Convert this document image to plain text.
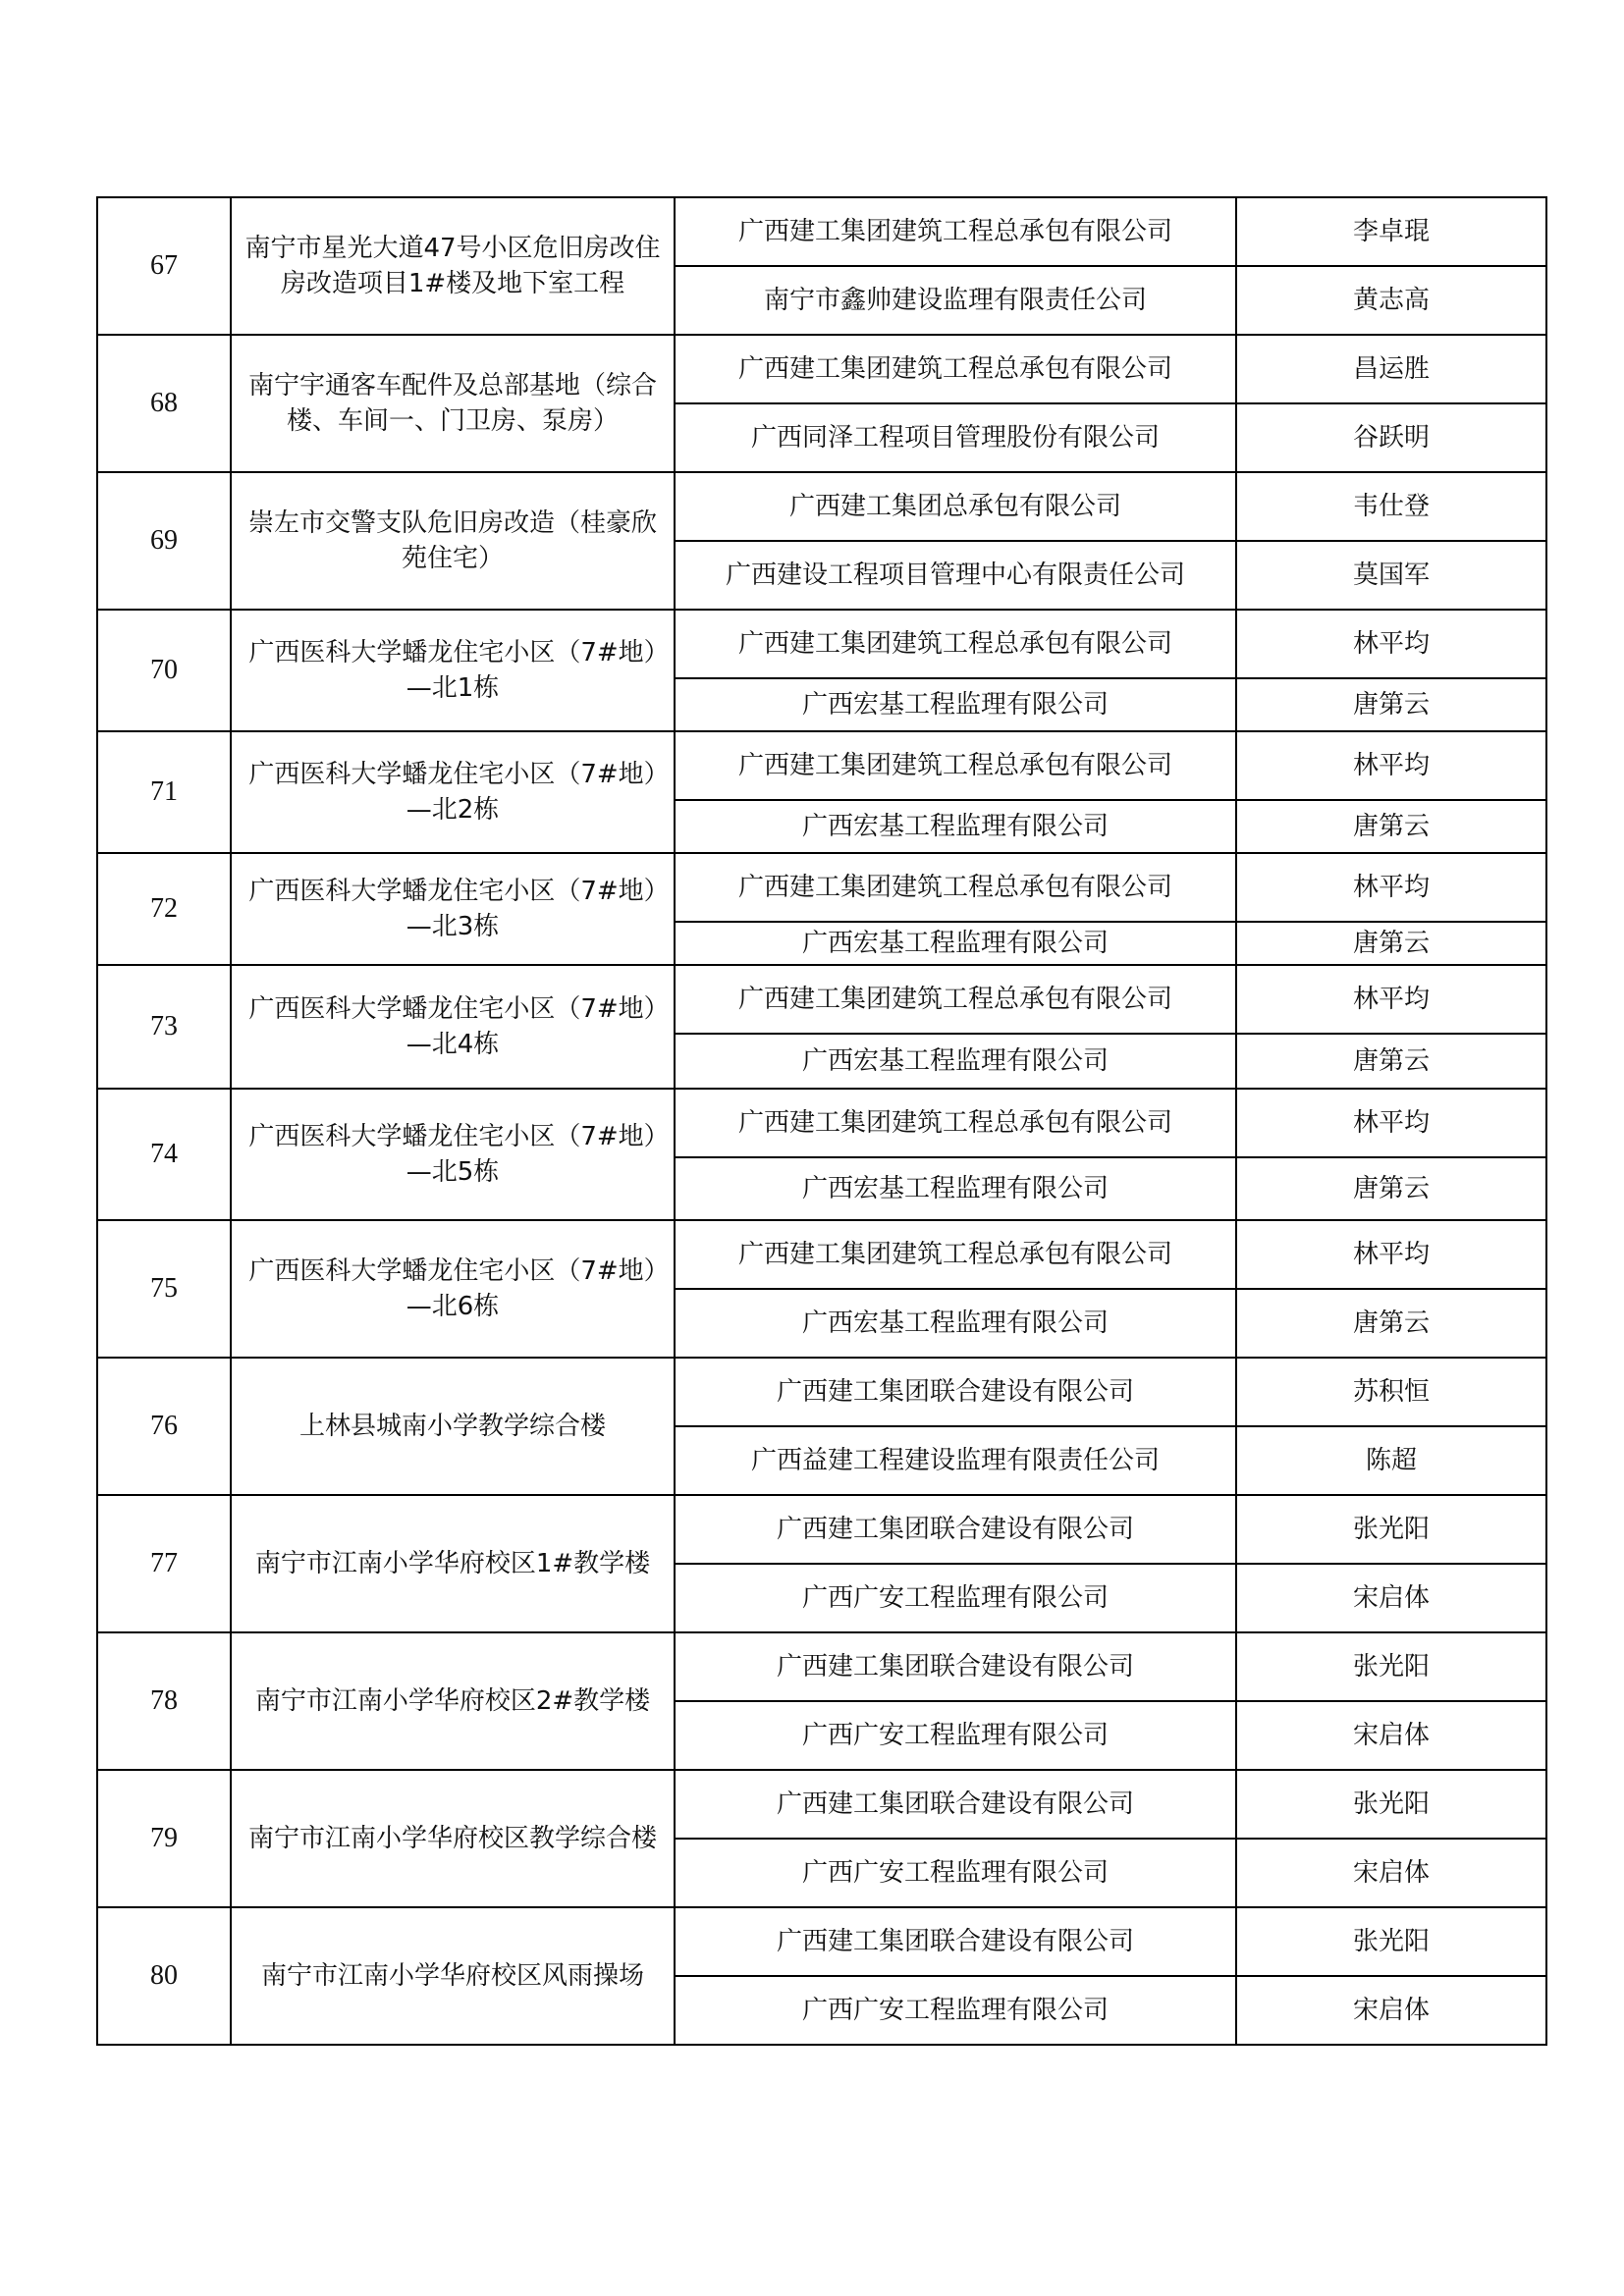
67	南宁市星光大道47号小区危旧房改住房改造项目1#楼及地下室工程	广西建工集团建筑工程总承包有限公司	李卓琨
		南宁市鑫帅建设监理有限责任公司	黄志高
68	南宁宇通客车配件及总部基地（综合楼、车间一、门卫房、泵房）	广西建工集团建筑工程总承包有限公司	昌运胜
		广西同泽工程项目管理股份有限公司	谷跃明
69	崇左市交警支队危旧房改造（桂豪欣苑住宅）	广西建工集团总承包有限公司	韦仕登
		广西建设工程项目管理中心有限责任公司	莫国军
70	广西医科大学蟠龙住宅小区（7#地）—北1栋	广西建工集团建筑工程总承包有限公司	林平均
		广西宏基工程监理有限公司	唐第云
71	广西医科大学蟠龙住宅小区（7#地）—北2栋	广西建工集团建筑工程总承包有限公司	林平均
		广西宏基工程监理有限公司	唐第云
72	广西医科大学蟠龙住宅小区（7#地）—北3栋	广西建工集团建筑工程总承包有限公司	林平均
		广西宏基工程监理有限公司	唐第云
73	广西医科大学蟠龙住宅小区（7#地）—北4栋	广西建工集团建筑工程总承包有限公司	林平均
		广西宏基工程监理有限公司	唐第云
74	广西医科大学蟠龙住宅小区（7#地）—北5栋	广西建工集团建筑工程总承包有限公司	林平均
		广西宏基工程监理有限公司	唐第云
75	广西医科大学蟠龙住宅小区（7#地）—北6栋	广西建工集团建筑工程总承包有限公司	林平均
		广西宏基工程监理有限公司	唐第云
76	上林县城南小学教学综合楼	广西建工集团联合建设有限公司	苏积恒
		广西益建工程建设监理有限责任公司	陈超
77	南宁市江南小学华府校区1#教学楼	广西建工集团联合建设有限公司	张光阳
		广西广安工程监理有限公司	宋启体
78	南宁市江南小学华府校区2#教学楼	广西建工集团联合建设有限公司	张光阳
		广西广安工程监理有限公司	宋启体
79	南宁市江南小学华府校区教学综合楼	广西建工集团联合建设有限公司	张光阳
		广西广安工程监理有限公司	宋启体
80	南宁市江南小学华府校区风雨操场	广西建工集团联合建设有限公司	张光阳
		广西广安工程监理有限公司	宋启体
